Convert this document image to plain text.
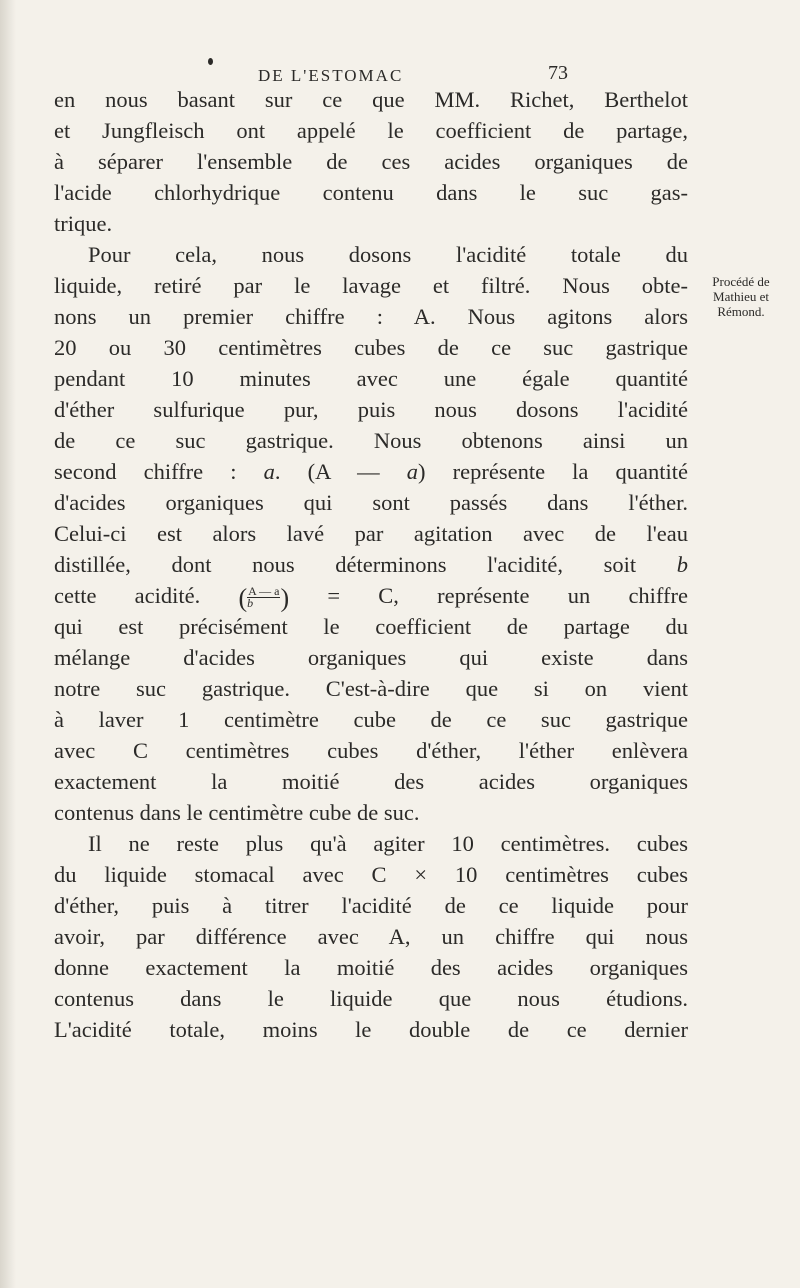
DE L'ESTOMAC	73
Procédé de
Mathieu et
Rémond.
en nous basant sur ce que MM. Richet, Berthelot
et Jungfleisch ont appelé le coefficient de partage,
à séparer l'ensemble de ces acides organiques de
l'acide chlorhydrique contenu dans le suc gas-
trique.
Pour cela, nous dosons l'acidité totale du
liquide, retiré par le lavage et filtré. Nous obte-
nons un premier chiffre : A. Nous agitons alors
20 ou 30 centimètres cubes de ce suc gastrique
pendant 10 minutes avec une égale quantité
d'éther sulfurique pur, puis nous dosons l'acidité
de ce suc gastrique. Nous obtenons ainsi un
second chiffre : a. (A — a) représente la quantité
d'acides organiques qui sont passés dans l'éther.
Celui-ci est alors lavé par agitation avec de l'eau
distillée, dont nous déterminons l'acidité, soit b
cette acidité. ( $\frac{A — a}{b}$ ) = C, représente un chiffre
qui est précisément le coefficient de partage du
mélange d'acides organiques qui existe dans
notre suc gastrique. C'est-à-dire que si on vient
à laver 1 centimètre cube de ce suc gastrique
avec C centimètres cubes d'éther, l'éther enlèvera
exactement la moitié des acides organiques
contenus dans le centimètre cube de suc.
Il ne reste plus qu'à agiter 10 centimètres. cubes
du liquide stomacal avec C × 10 centimètres cubes
d'éther, puis à titrer l'acidité de ce liquide pour
avoir, par différence avec A, un chiffre qui nous
donne exactement la moitié des acides organiques
contenus dans le liquide que nous étudions.
L'acidité totale, moins le double de ce dernier
